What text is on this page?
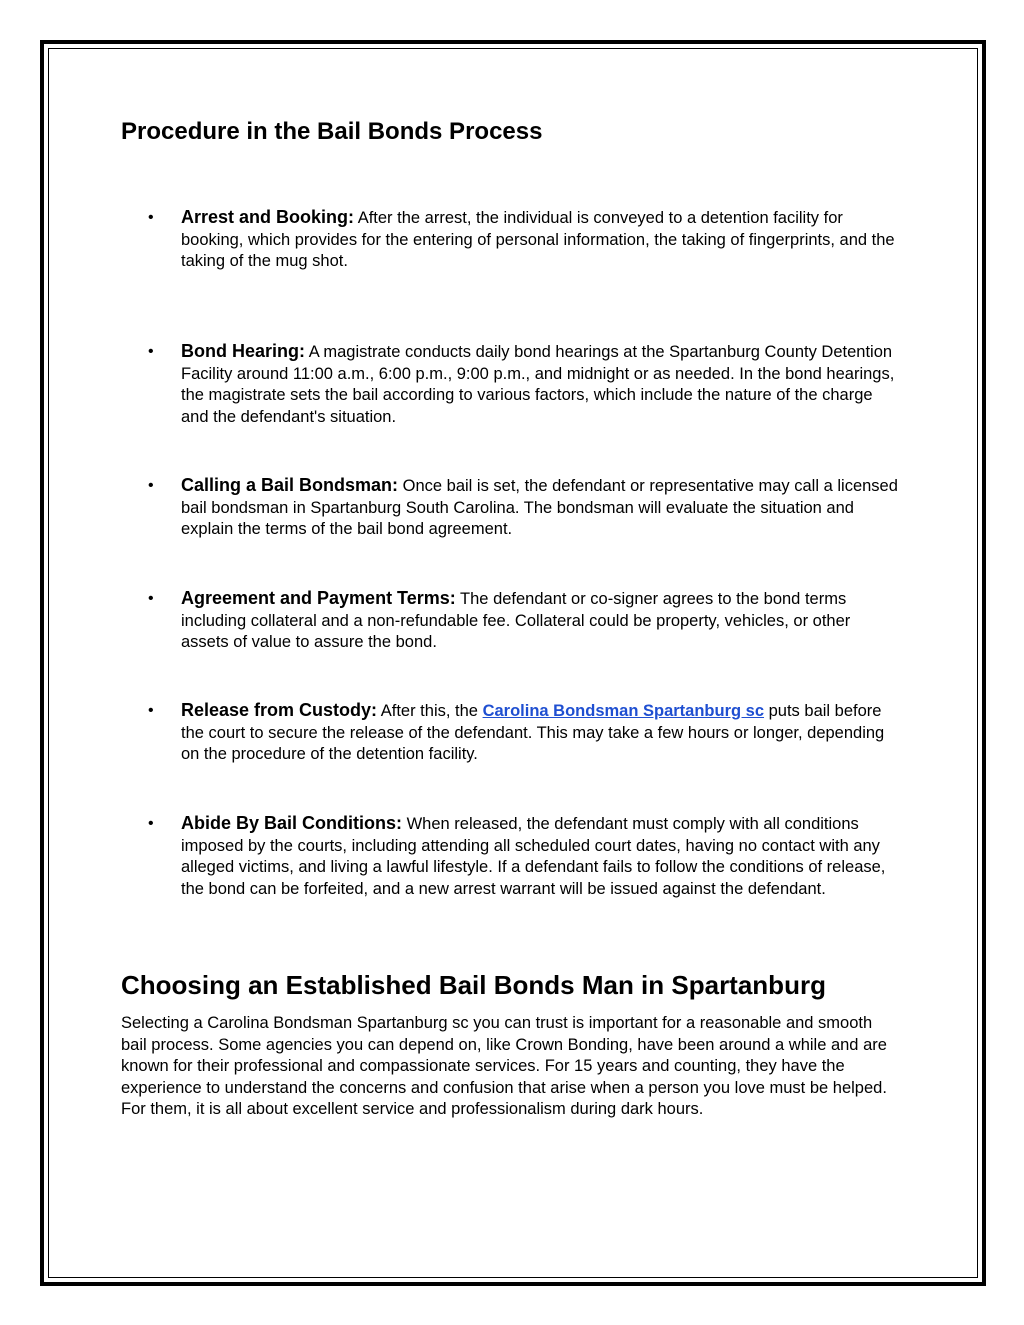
Procedure in the Bail Bonds Process
• Arrest and Booking: After the arrest, the individual is conveyed to a detention facility for booking, which provides for the entering of personal information, the taking of fingerprints, and the taking of the mug shot.
• Bond Hearing: A magistrate conducts daily bond hearings at the Spartanburg County Detention Facility around 11:00 a.m., 6:00 p.m., 9:00 p.m., and midnight or as needed. In the bond hearings, the magistrate sets the bail according to various factors, which include the nature of the charge and the defendant's situation.
• Calling a Bail Bondsman: Once bail is set, the defendant or representative may call a licensed bail bondsman in Spartanburg South Carolina. The bondsman will evaluate the situation and explain the terms of the bail bond agreement.
• Agreement and Payment Terms: The defendant or co-signer agrees to the bond terms including collateral and a non-refundable fee. Collateral could be property, vehicles, or other assets of value to assure the bond.
• Release from Custody: After this, the Carolina Bondsman Spartanburg sc puts bail before the court to secure the release of the defendant. This may take a few hours or longer, depending on the procedure of the detention facility.
• Abide By Bail Conditions: When released, the defendant must comply with all conditions imposed by the courts, including attending all scheduled court dates, having no contact with any alleged victims, and living a lawful lifestyle. If a defendant fails to follow the conditions of release, the bond can be forfeited, and a new arrest warrant will be issued against the defendant.
Choosing an Established Bail Bonds Man in Spartanburg

Selecting a Carolina Bondsman Spartanburg sc you can trust is important for a reasonable and smooth bail process. Some agencies you can depend on, like Crown Bonding, have been around a while and are known for their professional and compassionate services. For 15 years and counting, they have the experience to understand the concerns and confusion that arise when a person you love must be helped. For them, it is all about excellent service and professionalism during dark hours.
